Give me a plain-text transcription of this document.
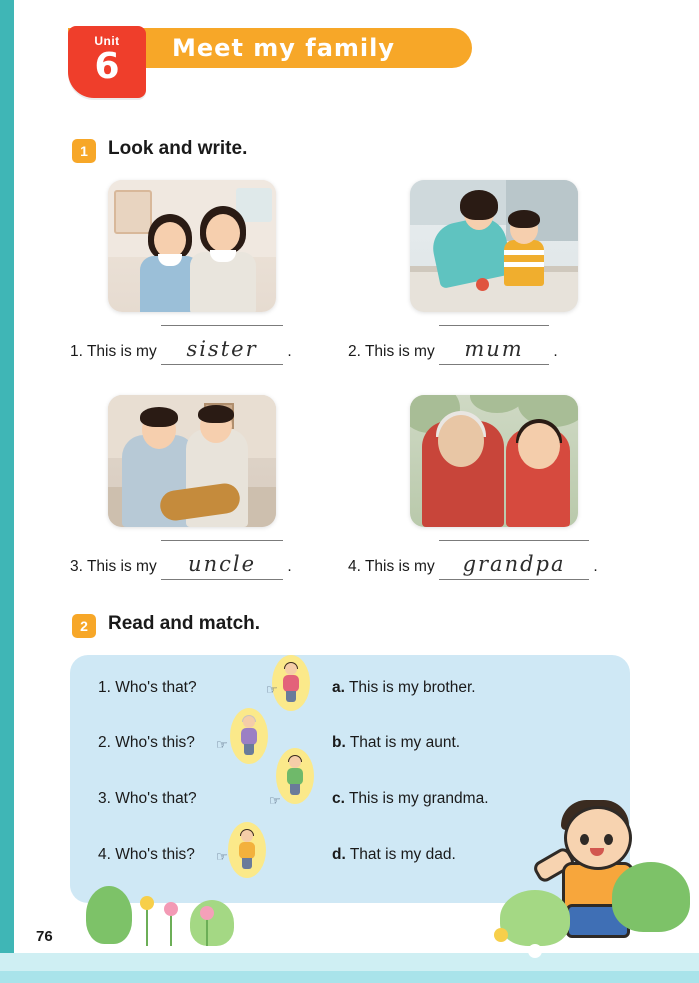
Unit
6	Meet my family
1	Look and write.
1. This is my sister .	2. This is my mum .
3. This is my uncle .	4. This is my grandpa .
2	Read and match.
☞
☞
☞
☞
1. Who's that?
2. Who's this?
3. Who's that?
4. Who's this?
a. This is my brother.
b. That is my aunt.
c. This is my grandma.
d. That is my dad.
76
